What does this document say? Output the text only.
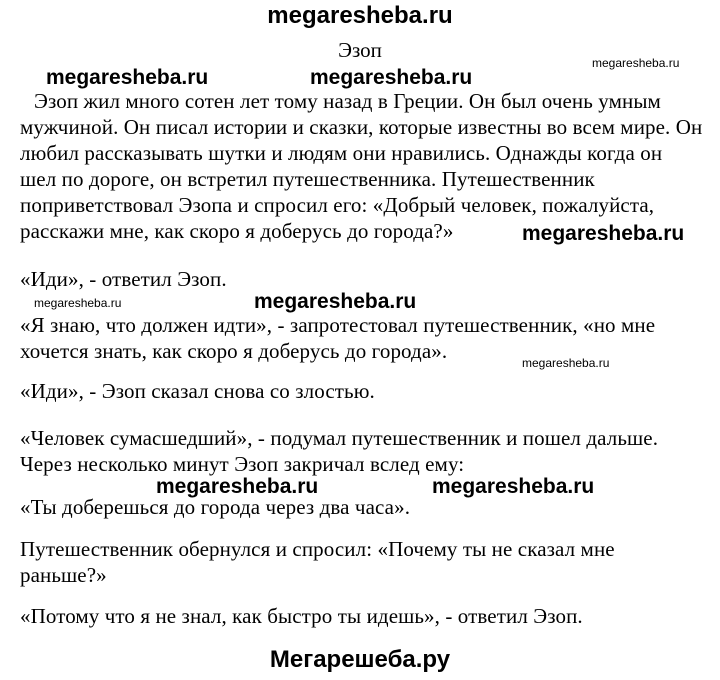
megaresheba.ru
Эзоп
megaresheba.ru	megaresheba.ru
megaresheba.ru
megaresheba.ru
megaresheba.ru	megaresheba.ru
megaresheba.ru
megaresheba.ru	megaresheba.ru
Эзоп жил много сотен лет тому назад в Греции. Он был очень умным
мужчиной. Он писал истории и сказки, которые известны во всем мире. Он
любил рассказывать шутки и людям они нравились. Однажды когда он
шел по дороге, он встретил путешественника. Путешественник
поприветствовал Эзопа и спросил его: «Добрый человек, пожалуйста,
расскажи мне, как скоро я доберусь до города?»
«Иди», - ответил Эзоп.
«Я знаю, что должен идти», - запротестовал путешественник, «но мне
хочется знать, как скоро я доберусь до города».
«Иди», - Эзоп сказал снова со злостью.
«Человек сумасшедший», - подумал путешественник и пошел дальше.
Через несколько минут Эзоп закричал вслед ему:
«Ты доберешься до города через два часа».
Путешественник обернулся и спросил: «Почему ты не сказал мне
раньше?»
«Потому что я не знал, как быстро ты идешь», - ответил Эзоп.
Мегарешеба.ру
